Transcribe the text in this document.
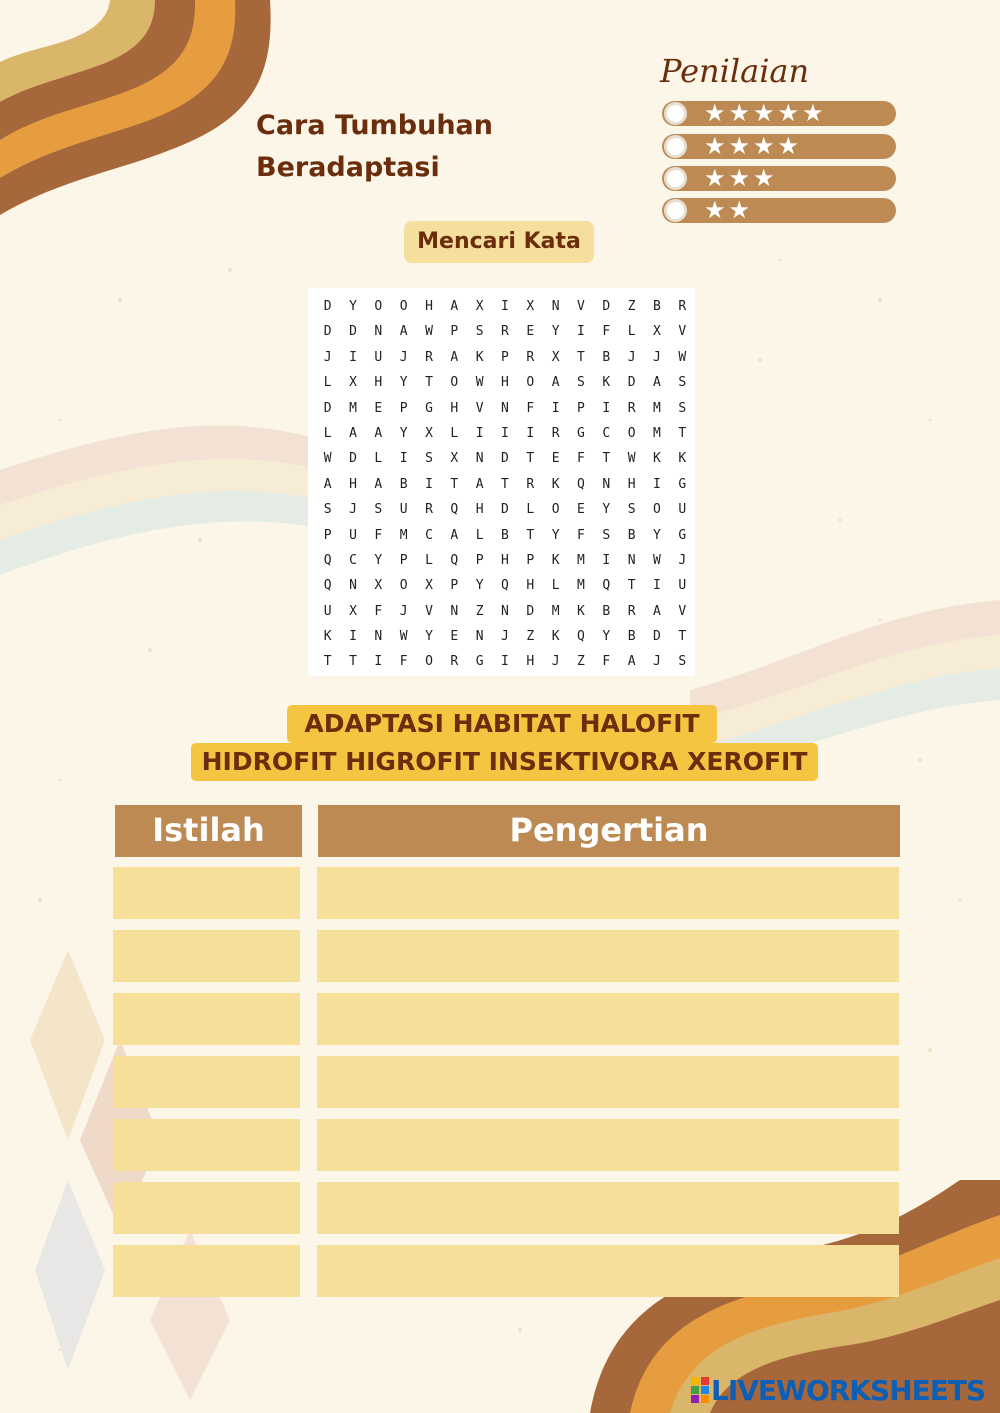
Cara Tumbuhan
Beradaptasi
Penilaian
★★★★★
★★★★
★★★
★★
Mencari Kata
D	Y	O	O	H	A	X	I	X	N	V	D	Z	B	R
D	D	N	A	W	P	S	R	E	Y	I	F	L	X	V
J	I	U	J	R	A	K	P	R	X	T	B	J	J	W
L	X	H	Y	T	O	W	H	O	A	S	K	D	A	S
D	M	E	P	G	H	V	N	F	I	P	I	R	M	S
L	A	A	Y	X	L	I	I	I	R	G	C	O	M	T
W	D	L	I	S	X	N	D	T	E	F	T	W	K	K
A	H	A	B	I	T	A	T	R	K	Q	N	H	I	G
S	J	S	U	R	Q	H	D	L	O	E	Y	S	O	U
P	U	F	M	C	A	L	B	T	Y	F	S	B	Y	G
Q	C	Y	P	L	Q	P	H	P	K	M	I	N	W	J
Q	N	X	O	X	P	Y	Q	H	L	M	Q	T	I	U
U	X	F	J	V	N	Z	N	D	M	K	B	R	A	V
K	I	N	W	Y	E	N	J	Z	K	Q	Y	B	D	T
T	T	I	F	O	R	G	I	H	J	Z	F	A	J	S
ADAPTASI HABITAT HALOFIT
HIDROFIT HIGROFIT INSEKTIVORA XEROFIT
Istilah	Pengertian
LIVEWORKSHEETS
